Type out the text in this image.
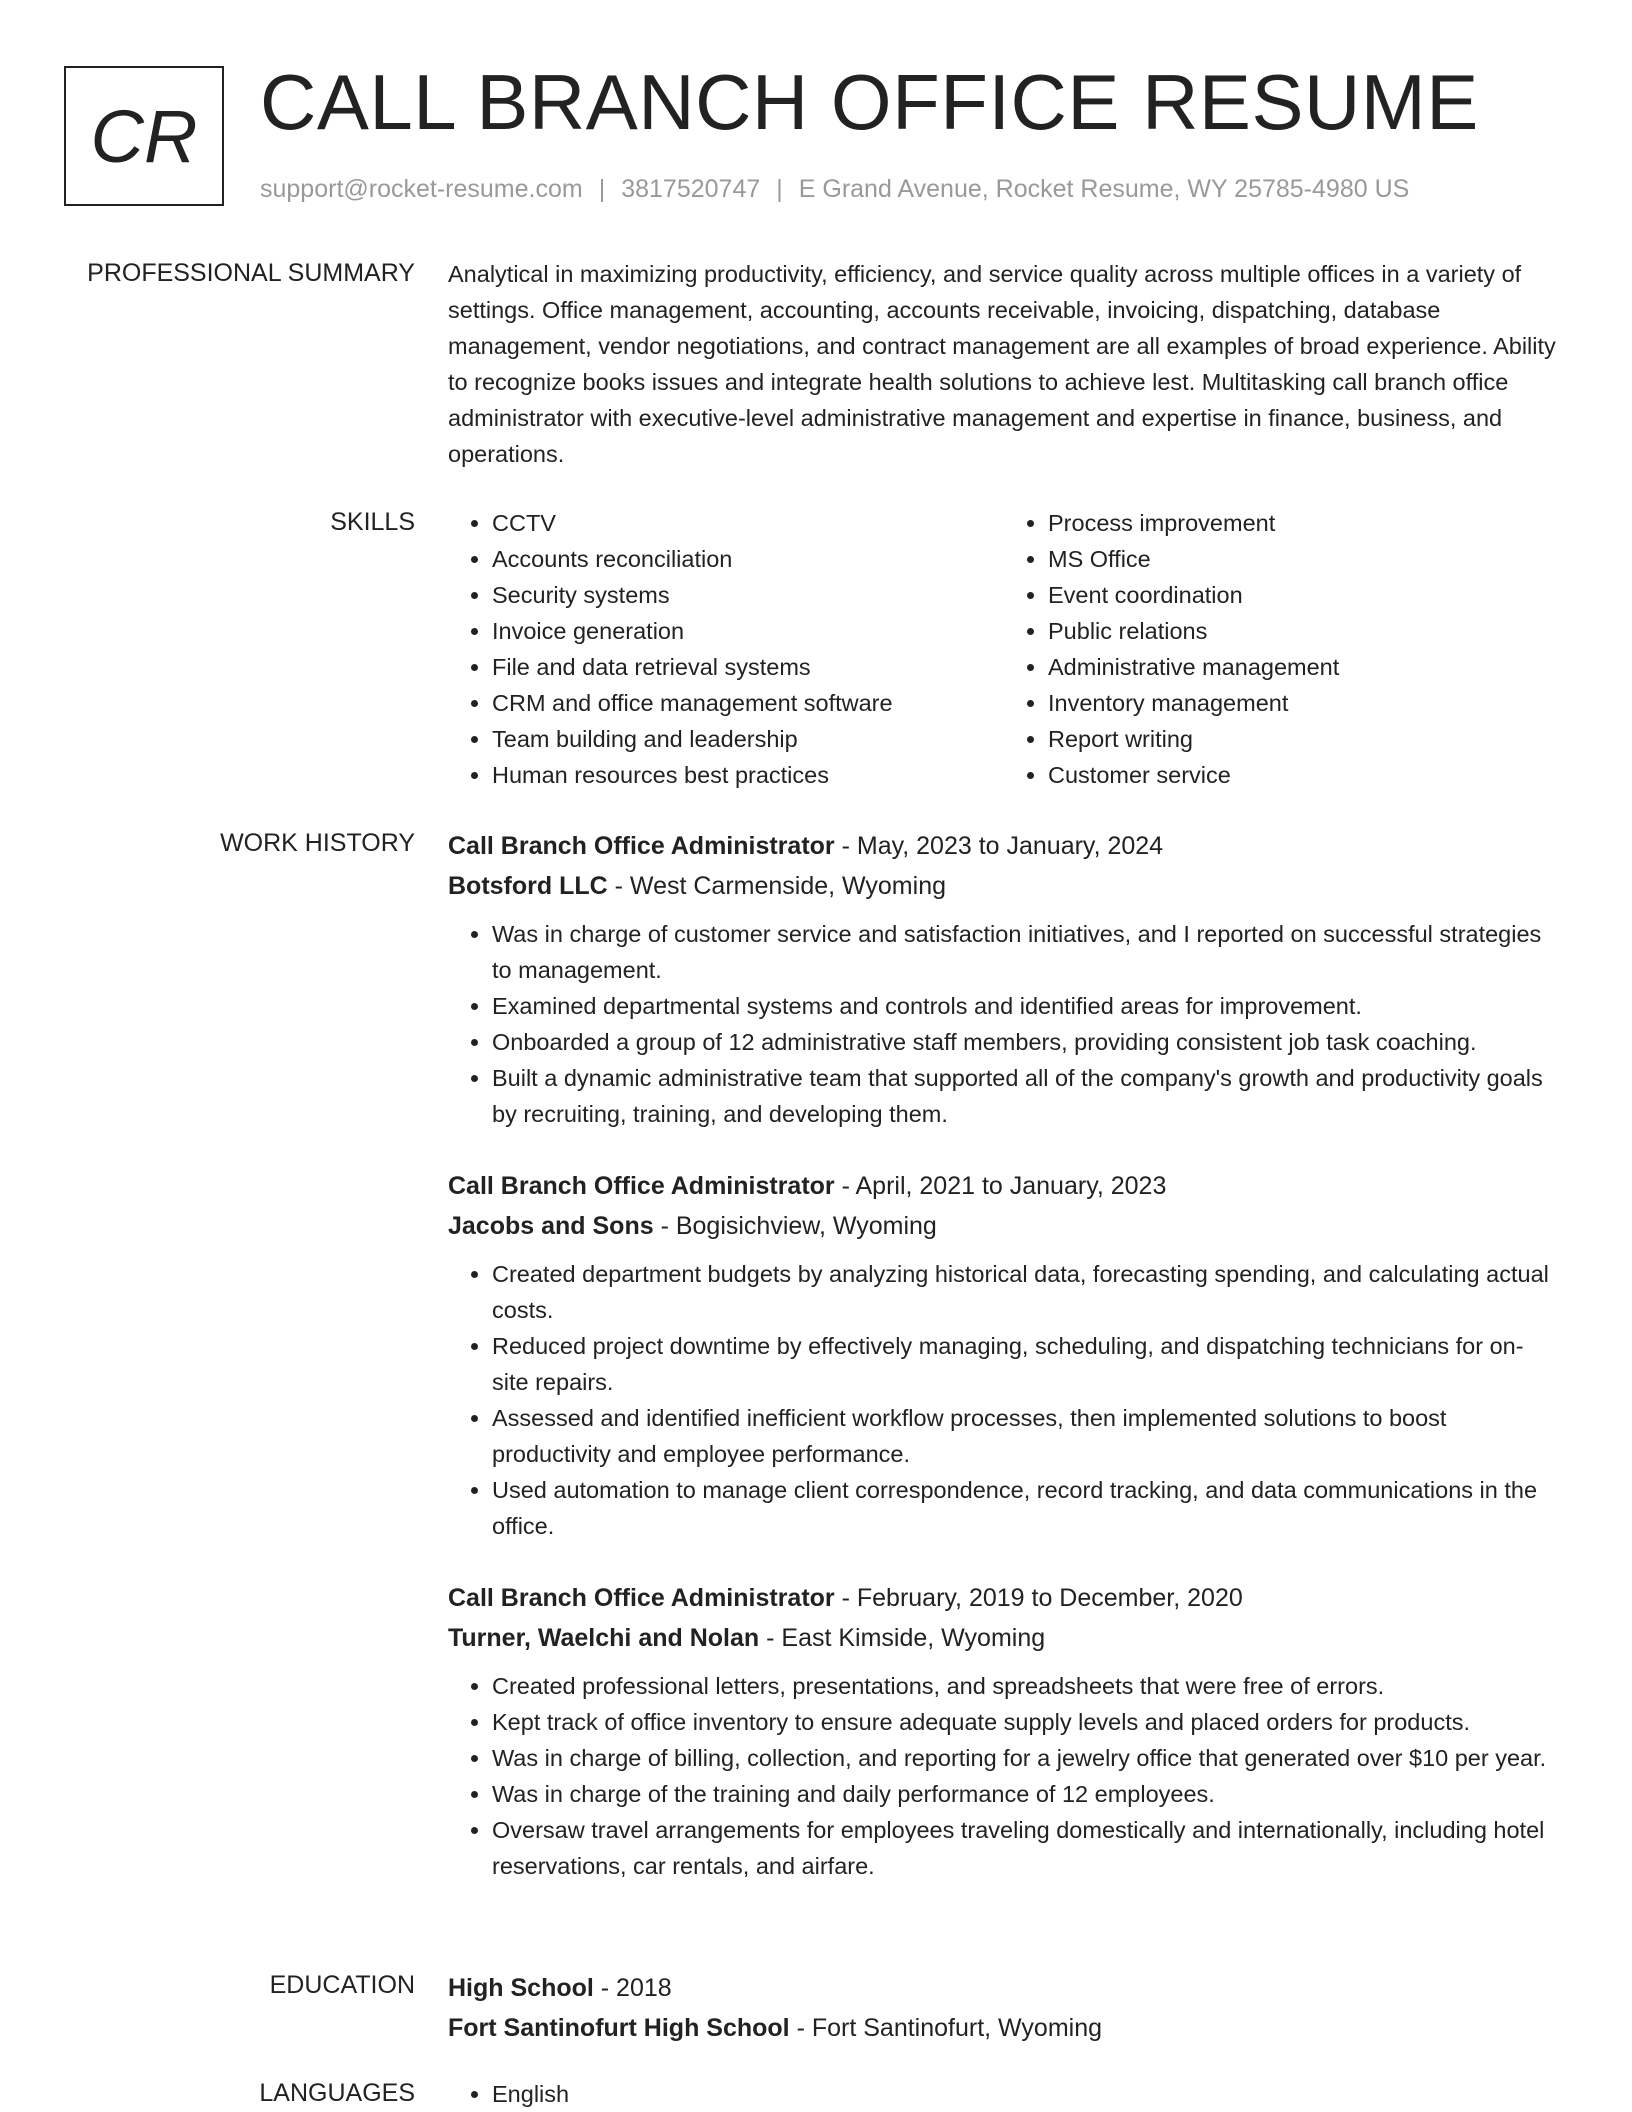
CR CALL BRANCH OFFICE RESUME
support@rocket-resume.com | 3817520747 | E Grand Avenue, Rocket Resume, WY 25785-4980 US
PROFESSIONAL SUMMARY Analytical in maximizing productivity, efficiency, and service quality across multiple offices in a variety of settings. Office management, accounting, accounts receivable, invoicing, dispatching, database management, vendor negotiations, and contract management are all examples of broad experience. Ability to recognize books issues and integrate health solutions to achieve lest. Multitasking call branch office administrator with executive-level administrative management and expertise in finance, business, and operations.

SKILLS	• CCTV
• Accounts reconciliation
• Security systems
• Invoice generation
• File and data retrieval systems
• CRM and office management software
• Team building and leadership
• Human resources best practices
• Process improvement
• MS Office
• Event coordination
• Public relations
• Administrative management
• Inventory management
• Report writing
• Customer service
WORK HISTORY Call Branch Office Administrator - May, 2023 to January, 2024
Botsford LLC - West Carmenside, Wyoming
• Was in charge of customer service and satisfaction initiatives, and I reported on successful strategies to management.
• Examined departmental systems and controls and identified areas for improvement.
• Onboarded a group of 12 administrative staff members, providing consistent job task coaching.
• Built a dynamic administrative team that supported all of the company's growth and productivity goals by recruiting, training, and developing them.
Call Branch Office Administrator - April, 2021 to January, 2023
Jacobs and Sons - Bogisichview, Wyoming
• Created department budgets by analyzing historical data, forecasting spending, and calculating actual costs.
• Reduced project downtime by effectively managing, scheduling, and dispatching technicians for on-site repairs.
• Assessed and identified inefficient workflow processes, then implemented solutions to boost productivity and employee performance.
• Used automation to manage client correspondence, record tracking, and data communications in the office.
Call Branch Office Administrator - February, 2019 to December, 2020
Turner, Waelchi and Nolan - East Kimside, Wyoming
• Created professional letters, presentations, and spreadsheets that were free of errors.
• Kept track of office inventory to ensure adequate supply levels and placed orders for products.
• Was in charge of billing, collection, and reporting for a jewelry office that generated over $10 per year.
• Was in charge of the training and daily performance of 12 employees.
• Oversaw travel arrangements for employees traveling domestically and internationally, including hotel reservations, car rentals, and airfare.
EDUCATION High School - 2018
Fort Santinofurt High School - Fort Santinofurt, Wyoming
LANGUAGES	• English
